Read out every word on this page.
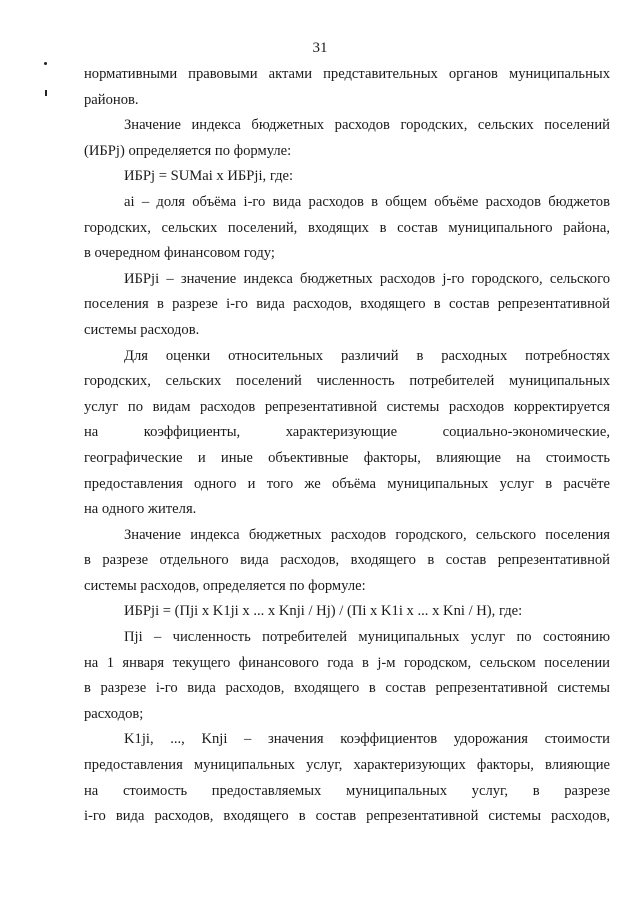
31
нормативными правовыми актами представительных органов муниципальных
районов.
Значение индекса бюджетных расходов городских, сельских поселений
(ИБРj) определяется по формуле:
ИБРj = SUMai x ИБРji, где:
ai – доля объёма i-го вида расходов в общем объёме расходов бюджетов
городских, сельских поселений, входящих в состав муниципального района,
в очередном финансовом году;
ИБРji – значение индекса бюджетных расходов j-го городского, сельского
поселения в разрезе i-го вида расходов, входящего в состав репрезентативной
системы расходов.
Для оценки относительных различий в расходных потребностях
городских, сельских поселений численность потребителей муниципальных
услуг по видам расходов репрезентативной системы расходов корректируется
на коэффициенты, характеризующие социально-экономические,
географические и иные объективные факторы, влияющие на стоимость
предоставления одного и того же объёма муниципальных услуг в расчёте
на одного жителя.
Значение индекса бюджетных расходов городского, сельского поселения
в разрезе отдельного вида расходов, входящего в состав репрезентативной
системы расходов, определяется по формуле:
ИБРji = (Пji x K1ji x ... x Knji / Hj) / (Пi x K1i x ... x Kni / H), где:
Пji – численность потребителей муниципальных услуг по состоянию
на 1 января текущего финансового года в j-м городском, сельском поселении
в разрезе i-го вида расходов, входящего в состав репрезентативной системы
расходов;
K1ji, ..., Knji – значения коэффициентов удорожания стоимости
предоставления муниципальных услуг, характеризующих факторы, влияющие
на стоимость предоставляемых муниципальных услуг, в разрезе
i-го вида расходов, входящего в состав репрезентативной системы расходов,
